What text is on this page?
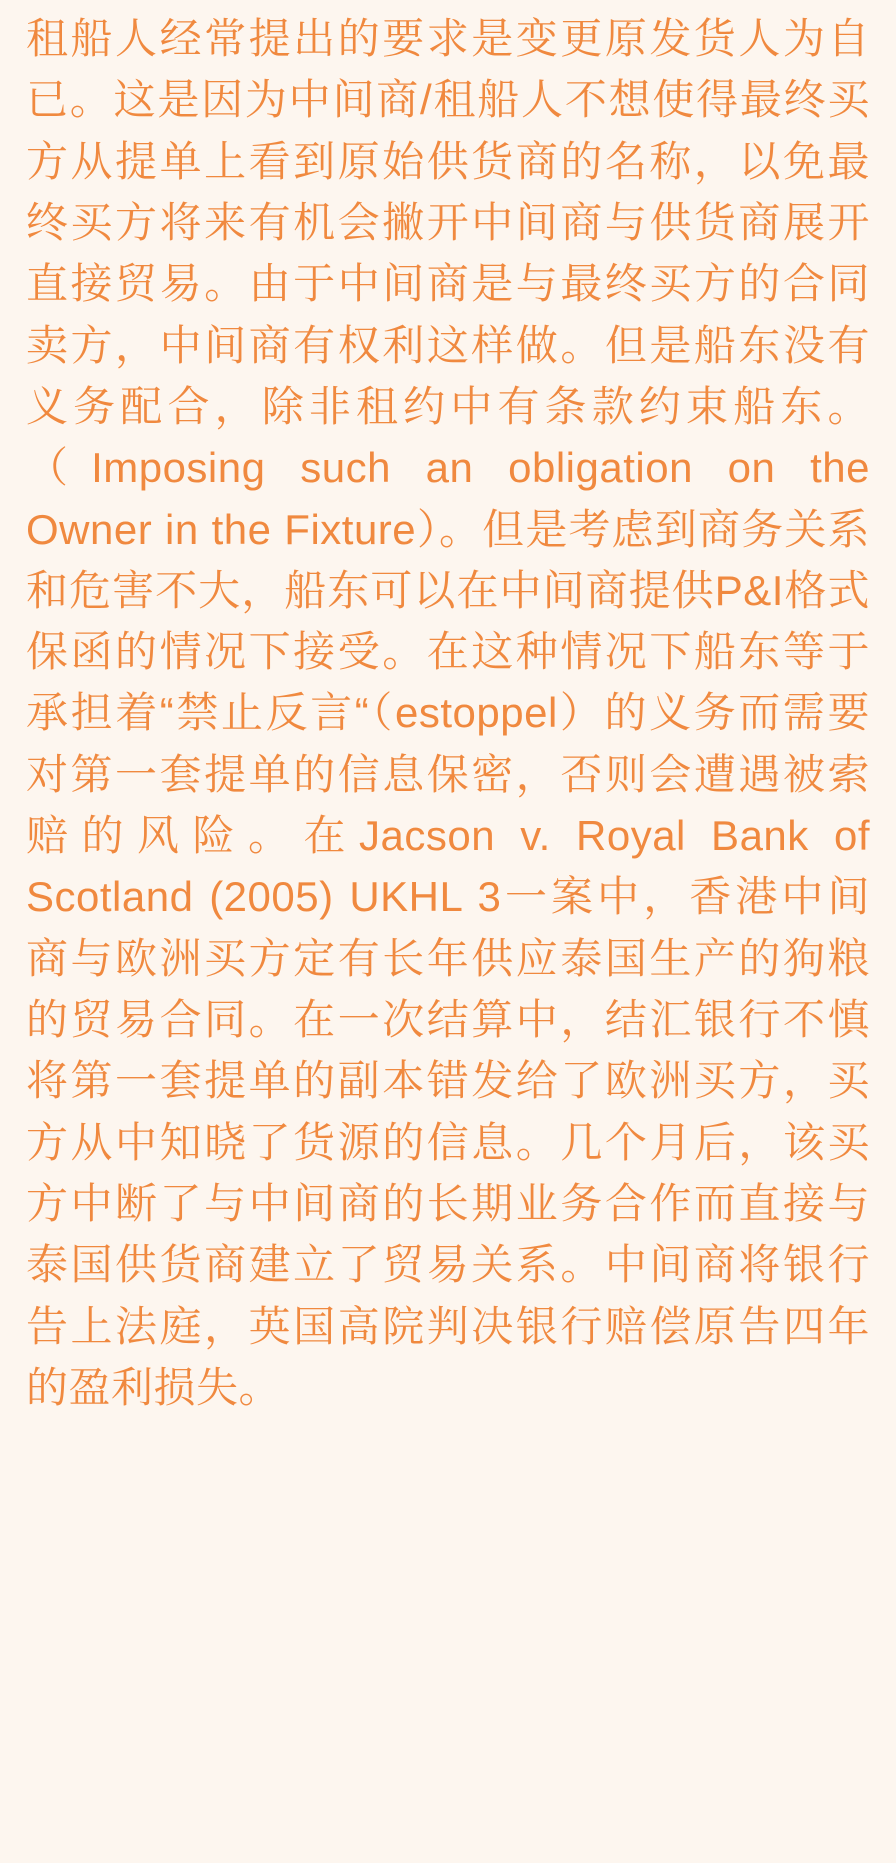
租船人经常提出的要求是变更原发货人为自已。这是因为中间商/租船人不想使得最终买方从提单上看到原始供货商的名称，以免最终买方将来有机会撇开中间商与供货商展开直接贸易。由于中间商是与最终买方的合同卖方，中间商有权利这样做。但是船东没有义务配合，除非租约中有条款约束船东。（Imposing such an obligation on the Owner in the Fixture）。但是考虑到商务关系和危害不大，船东可以在中间商提供P&I格式保函的情况下接受。在这种情况下船东等于承担着“禁止反言“（estoppel）的义务而需要对第一套提单的信息保密，否则会遭遇被索赔的风险。在Jacson v. Royal Bank of Scotland (2005) UKHL 3一案中，香港中间商与欧洲买方定有长年供应泰国生产的狗粮的贸易合同。在一次结算中，结汇银行不慎将第一套提单的副本错发给了欧洲买方，买方从中知晓了货源的信息。几个月后，该买方中断了与中间商的长期业务合作而直接与泰国供货商建立了贸易关系。中间商将银行告上法庭，英国高院判决银行赔偿原告四年的盈利损失。
